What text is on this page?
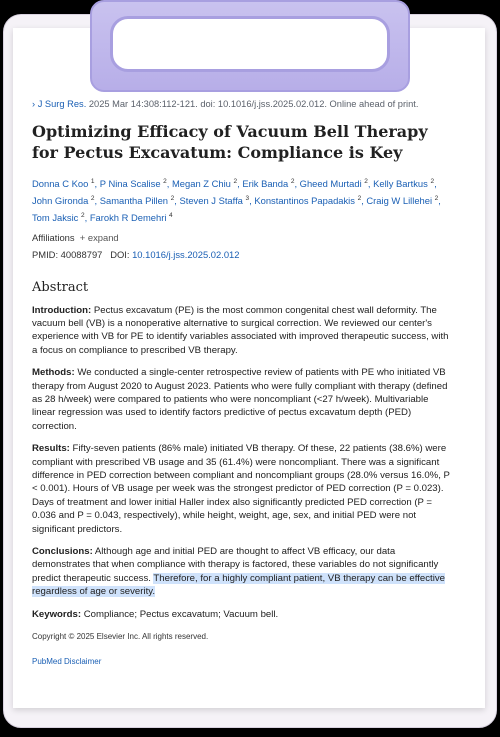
› J Surg Res. 2025 Mar 14:308:112-121. doi: 10.1016/j.jss.2025.02.012. Online ahead of print.
Optimizing Efficacy of Vacuum Bell Therapy for Pectus Excavatum: Compliance is Key
Donna C Koo $^1$, P Nina Scalise $^2$, Megan Z Chiu $^2$, Erik Banda $^2$, Gheed Murtadi $^2$, Kelly Bartkus $^2$, John Gironda $^2$, Samantha Pillen $^2$, Steven J Staffa $^3$, Konstantinos Papadakis $^2$, Craig W Lillehei $^2$, Tom Jaksic $^2$, Farokh R Demehri $^4$
Affiliations + expand
PMID: 40088797 DOI: 10.1016/j.jss.2025.02.012
Abstract

Introduction: Pectus excavatum (PE) is the most common congenital chest wall deformity. The vacuum bell (VB) is a nonoperative alternative to surgical correction. We reviewed our center's experience with VB for PE to identify variables associated with improved therapeutic success, with a focus on compliance to prescribed VB therapy.

Methods: We conducted a single-center retrospective review of patients with PE who initiated VB therapy from August 2020 to August 2023. Patients who were fully compliant with therapy (defined as 28 h/week) were compared to patients who were noncompliant (<27 h/week). Multivariable linear regression was used to identify factors predictive of pectus excavatum depth (PED) correction.

Results: Fifty-seven patients (86% male) initiated VB therapy. Of these, 22 patients (38.6%) were compliant with prescribed VB usage and 35 (61.4%) were noncompliant. There was a significant difference in PED correction between compliant and noncompliant groups (28.0% versus 16.0%, P < 0.001). Hours of VB usage per week was the strongest predictor of PED correction (P = 0.023). Days of treatment and lower initial Haller index also significantly predicted PED correction (P = 0.036 and P = 0.043, respectively), while height, weight, age, sex, and initial PED were not significant predictors.

Conclusions: Although age and initial PED are thought to affect VB efficacy, our data demonstrates that when compliance with therapy is factored, these variables do not significantly predict therapeutic success. Therefore, for a highly compliant patient, VB therapy can be effective regardless of age or severity.

Keywords: Compliance; Pectus excavatum; Vacuum bell.

Copyright © 2025 Elsevier Inc. All rights reserved.
PubMed Disclaimer
